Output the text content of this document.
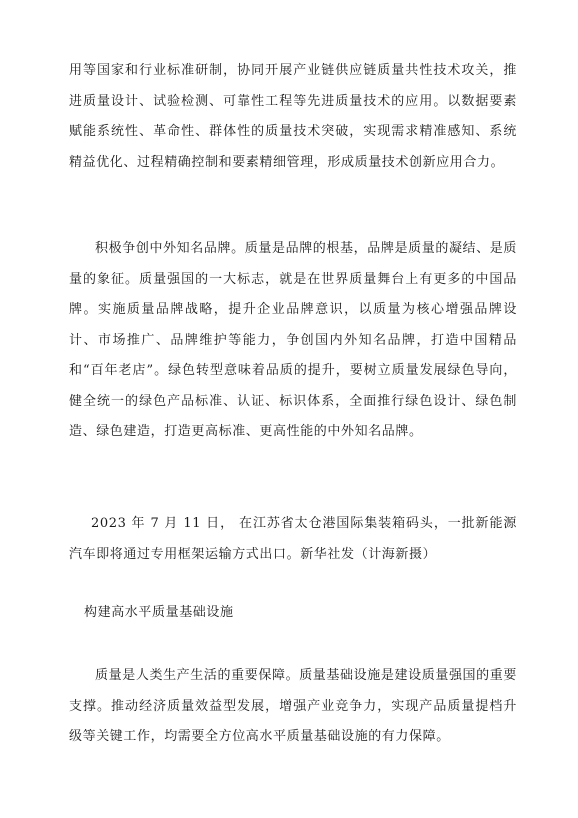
用等国家和行业标准研制，协同开展产业链供应链质量共性技术攻关，推进质量设计、试验检测、可靠性工程等先进质量技术的应用。以数据要素赋能系统性、革命性、群体性的质量技术突破，实现需求精准感知、系统精益优化、过程精确控制和要素精细管理，形成质量技术创新应用合力。

积极争创中外知名品牌。质量是品牌的根基，品牌是质量的凝结、是质量的象征。质量强国的一大标志，就是在世界质量舞台上有更多的中国品牌。实施质量品牌战略，提升企业品牌意识，以质量为核心增强品牌设计、市场推广、品牌维护等能力，争创国内外知名品牌，打造中国精品和“百年老店”。绿色转型意味着品质的提升，要树立质量发展绿色导向，健全统一的绿色产品标准、认证、标识体系，全面推行绿色设计、绿色制造、绿色建造，打造更高标准、更高性能的中外知名品牌。

2023 年 7 月 11 日， 在江苏省太仓港国际集装箱码头，一批新能源汽车即将通过专用框架运输方式出口。新华社发（计海新摄）

构建高水平质量基础设施

质量是人类生产生活的重要保障。质量基础设施是建设质量强国的重要支撑。推动经济质量效益型发展，增强产业竞争力，实现产品质量提档升级等关键工作，均需要全方位高水平质量基础设施的有力保障。
